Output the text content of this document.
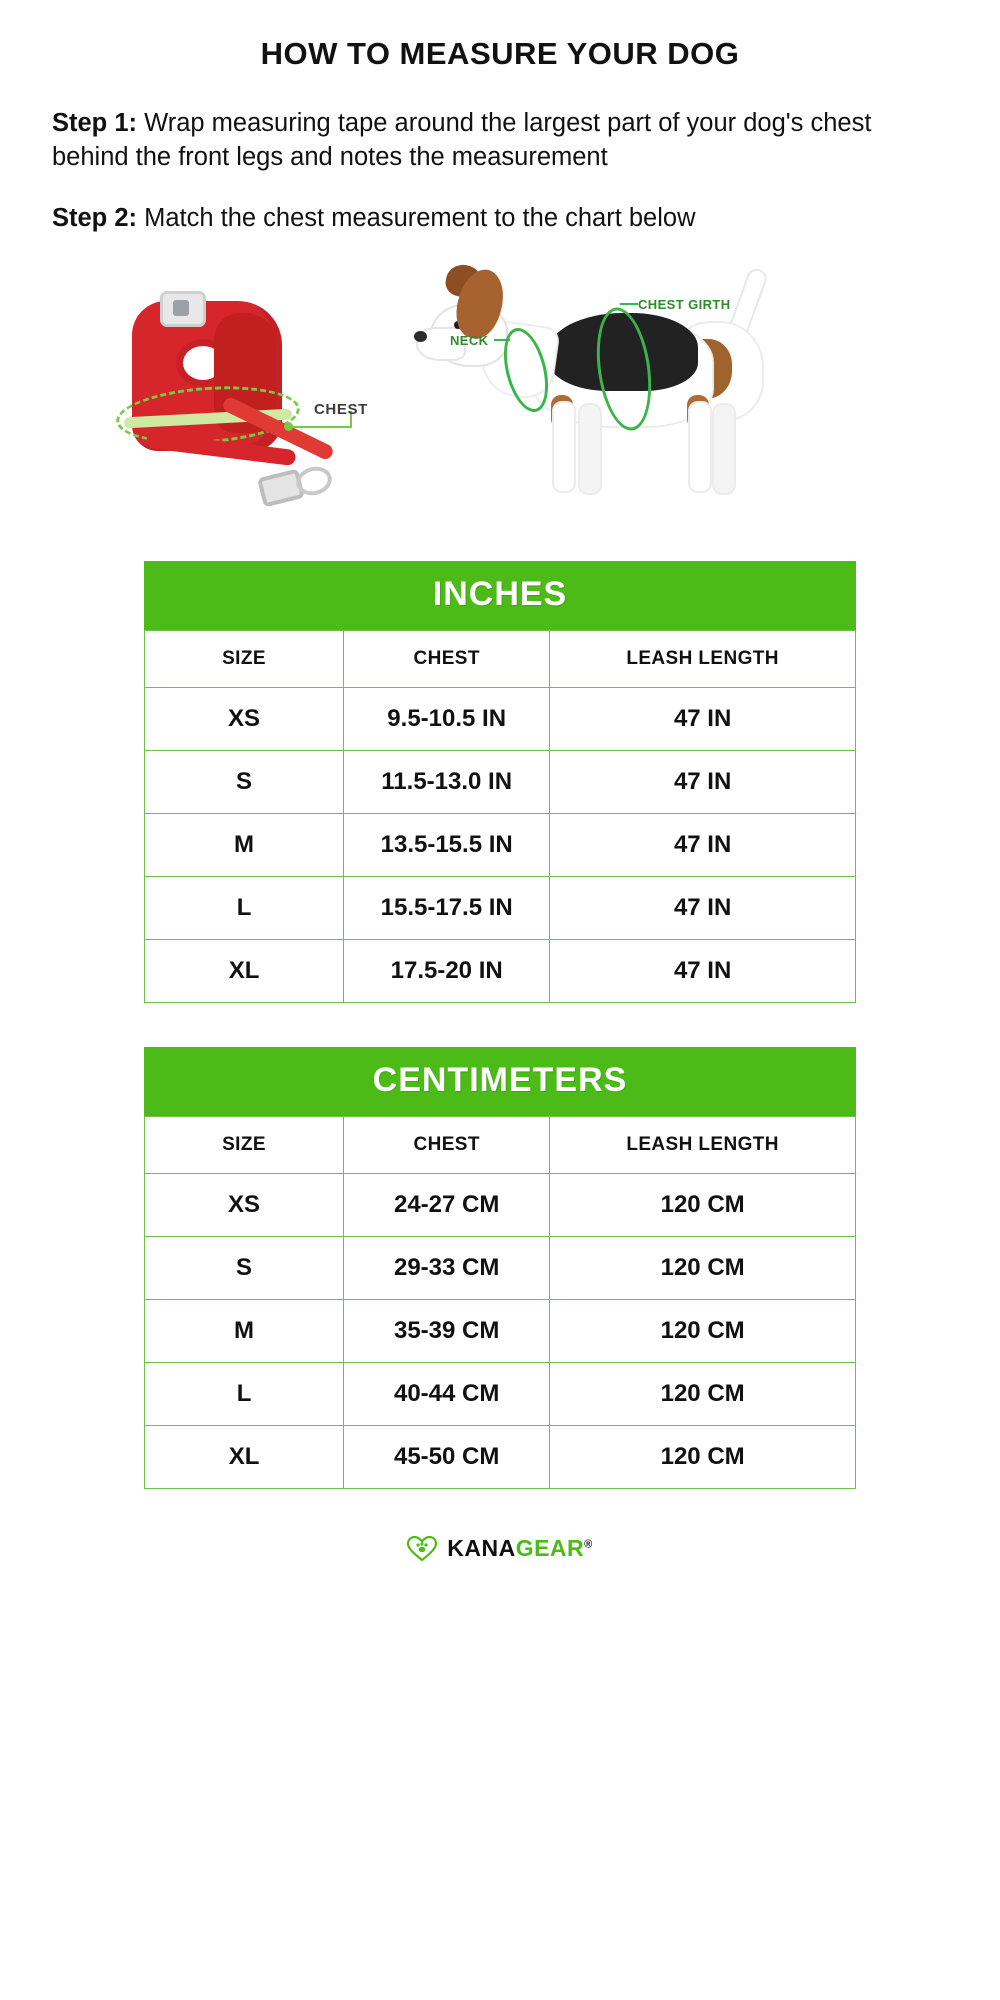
HOW TO MEASURE YOUR DOG
Step 1: Wrap measuring tape around the largest part of your dog's chest behind the front legs and notes the measurement
Step 2: Match the chest measurement to the chart below
CHEST
CHEST GIRTH
NECK
INCHES
SIZE	CHEST	LEASH LENGTH
XS	9.5-10.5 IN	47 IN
S	11.5-13.0 IN	47 IN
M	13.5-15.5 IN	47 IN
L	15.5-17.5 IN	47 IN
XL	17.5-20 IN	47 IN
CENTIMETERS
SIZE	CHEST	LEASH LENGTH
XS	24-27 CM	120 CM
S	29-33 CM	120 CM
M	35-39 CM	120 CM
L	40-44 CM	120 CM
XL	45-50 CM	120 CM
KANAGEAR®
